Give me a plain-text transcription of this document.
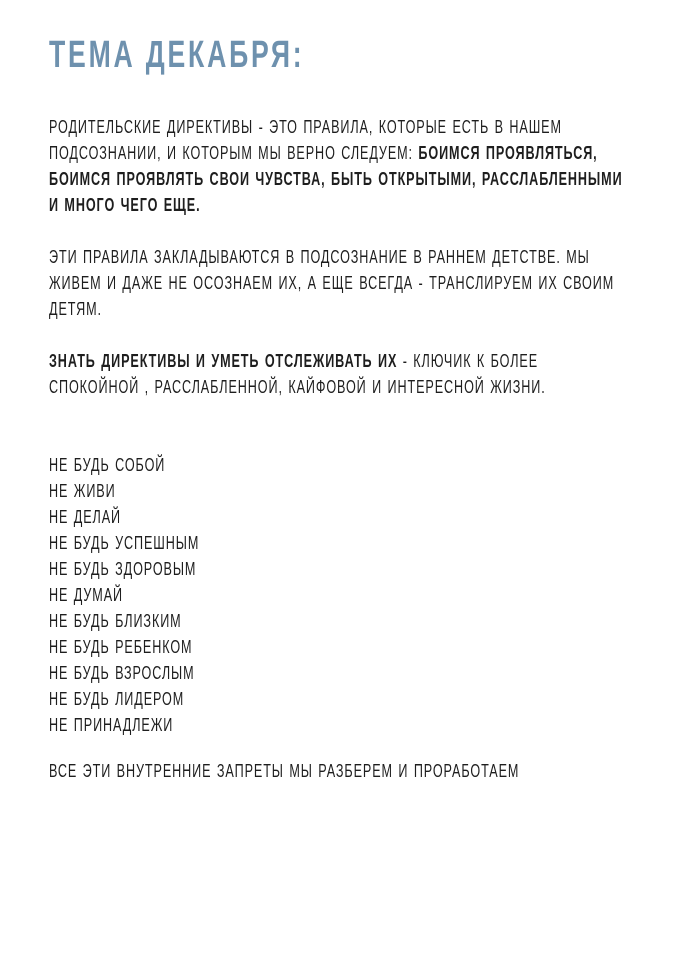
ТЕМА ДЕКАБРЯ:
РОДИТЕЛЬСКИЕ ДИРЕКТИВЫ - ЭТО ПРАВИЛА, КОТОРЫЕ ЕСТЬ В НАШЕМ
ПОДСОЗНАНИИ, И КОТОРЫМ МЫ ВЕРНО СЛЕДУЕМ: БОИМСЯ ПРОЯВЛЯТЬСЯ,
БОИМСЯ ПРОЯВЛЯТЬ СВОИ ЧУВСТВА, БЫТЬ ОТКРЫТЫМИ, РАССЛАБЛЕННЫМИ
И МНОГО ЧЕГО ЕЩЕ.
ЭТИ ПРАВИЛА ЗАКЛАДЫВАЮТСЯ В ПОДСОЗНАНИЕ В РАННЕМ ДЕТСТВЕ. МЫ
ЖИВЕМ И ДАЖЕ НЕ ОСОЗНАЕМ ИХ, А ЕЩЕ ВСЕГДА - ТРАНСЛИРУЕМ ИХ СВОИМ
ДЕТЯМ.
ЗНАТЬ ДИРЕКТИВЫ И УМЕТЬ ОТСЛЕЖИВАТЬ ИХ - КЛЮЧИК К БОЛЕЕ
СПОКОЙНОЙ , РАССЛАБЛЕННОЙ, КАЙФОВОЙ И ИНТЕРЕСНОЙ ЖИЗНИ.
НЕ БУДЬ СОБОЙ
НЕ ЖИВИ
НЕ ДЕЛАЙ
НЕ БУДЬ УСПЕШНЫМ
НЕ БУДЬ ЗДОРОВЫМ
НЕ ДУМАЙ
НЕ БУДЬ БЛИЗКИМ
НЕ БУДЬ РЕБЕНКОМ
НЕ БУДЬ ВЗРОСЛЫМ
НЕ БУДЬ ЛИДЕРОМ
НЕ ПРИНАДЛЕЖИ

ВСЕ ЭТИ ВНУТРЕННИЕ ЗАПРЕТЫ МЫ РАЗБЕРЕМ И ПРОРАБОТАЕМ
